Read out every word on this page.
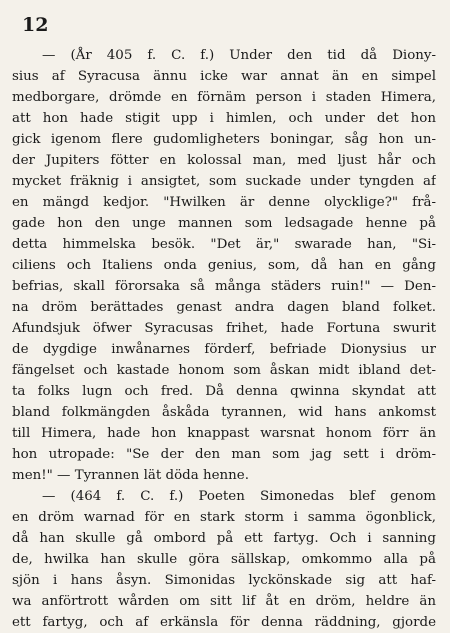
12
— (År 405 f. C. f.) Under den tid då Diony-
sius af Syracusa ännu icke war annat än en simpel
medborgare, drömde en förnäm person i staden Himera,
att hon hade stigit upp i himlen, och under det hon
gick igenom flere gudomligheters boningar, såg hon un-
der Jupiters fötter en kolossal man, med ljust hår och
mycket fräknig i ansigtet, som suckade under tyngden af
en mängd kedjor. "Hwilken är denne olycklige?" frå-
gade hon den unge mannen som ledsagade henne på
detta himmelska besök. "Det är," swarade han, "Si-
ciliens och Italiens onda genius, som, då han en gång
befrias, skall förorsaka så många städers ruin!" — Den-
na dröm berättades genast andra dagen bland folket.
Afundsjuk öfwer Syracusas frihet, hade Fortuna swurit
de dygdige inwånarnes förderf, befriade Dionysius ur
fängelset och kastade honom som åskan midt ibland det-
ta folks lugn och fred. Då denna qwinna skyndat att
bland folkmängden åskåda tyrannen, wid hans ankomst
till Himera, hade hon knappast warsnat honom förr än
hon utropade: "Se der den man som jag sett i dröm-
men!" — Tyrannen lät döda henne.
— (464 f. C. f.) Poeten Simonedas blef genom
en dröm warnad för en stark storm i samma ögonblick,
då han skulle gå ombord på ett fartyg. Och i sanning
de, hwilka han skulle göra sällskap, omkommo alla på
sjön i hans åsyn. Simonidas lyckönskade sig att haf-
wa anförtrott wården om sitt lif åt en dröm, heldre än
ett fartyg, och af erkänsla för denna räddning, gjorde
